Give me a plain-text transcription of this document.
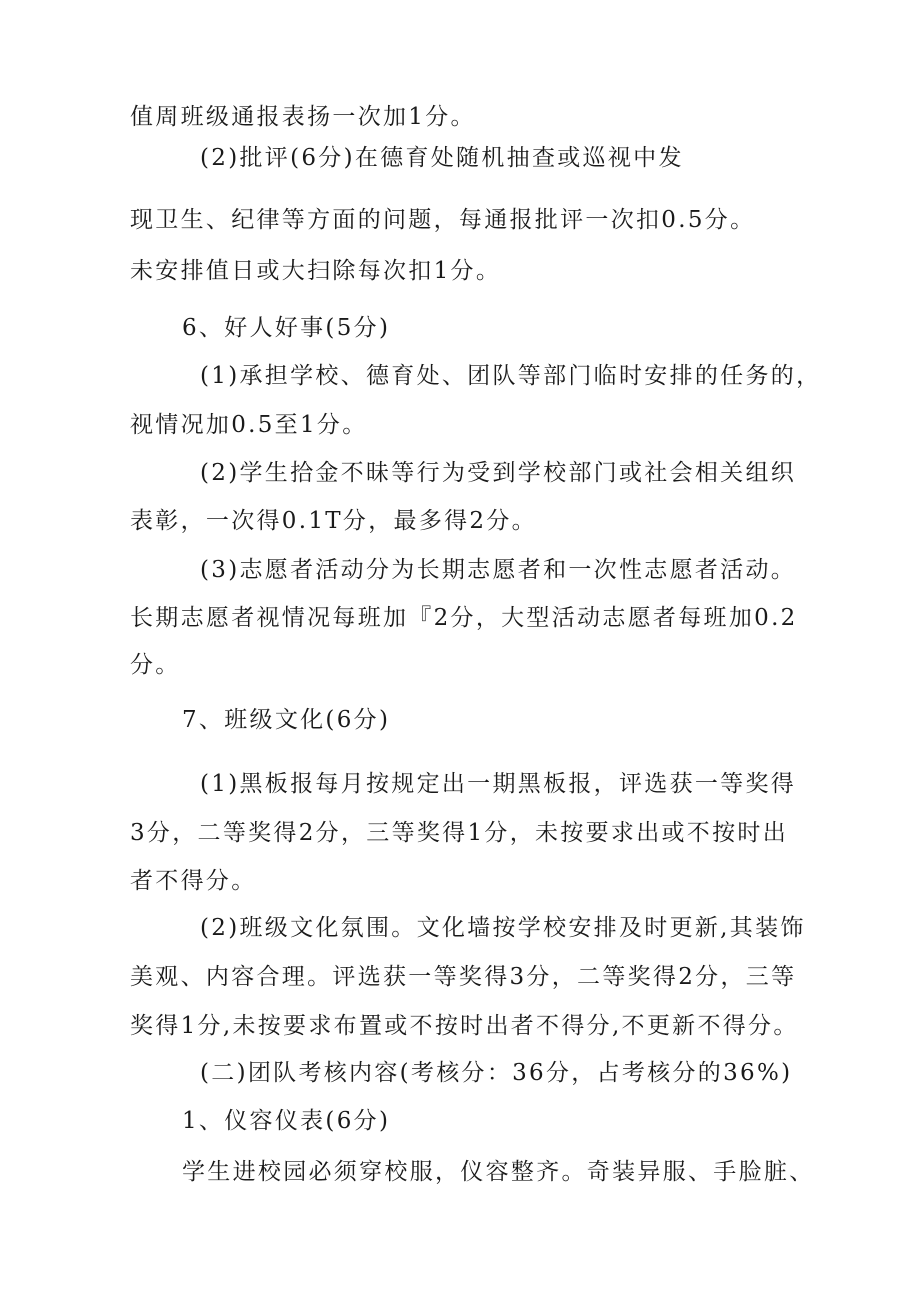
值周班级通报表扬一次加1分。

(2)批评(6分)在德育处随机抽查或巡视中发

现卫生、纪律等方面的问题，每通报批评一次扣0.5分。

未安排值日或大扫除每次扣1分。

6、好人好事(5分)

(1)承担学校、德育处、团队等部门临时安排的任务的，

视情况加0.5至1分。

(2)学生拾金不昧等行为受到学校部门或社会相关组织

表彰，一次得0.1T分，最多得2分。

(3)志愿者活动分为长期志愿者和一次性志愿者活动。

长期志愿者视情况每班加『2分，大型活动志愿者每班加0.2

分。

7、班级文化(6分)

(1)黑板报每月按规定出一期黑板报，评选获一等奖得

3分，二等奖得2分，三等奖得1分，未按要求出或不按时出

者不得分。

(2)班级文化氛围。文化墙按学校安排及时更新,其装饰

美观、内容合理。评选获一等奖得3分，二等奖得2分，三等

奖得1分,未按要求布置或不按时出者不得分,不更新不得分。

(二)团队考核内容(考核分：36分，占考核分的36%)

1、仪容仪表(6分)

学生进校园必须穿校服，仪容整齐。奇装异服、手脸脏、
